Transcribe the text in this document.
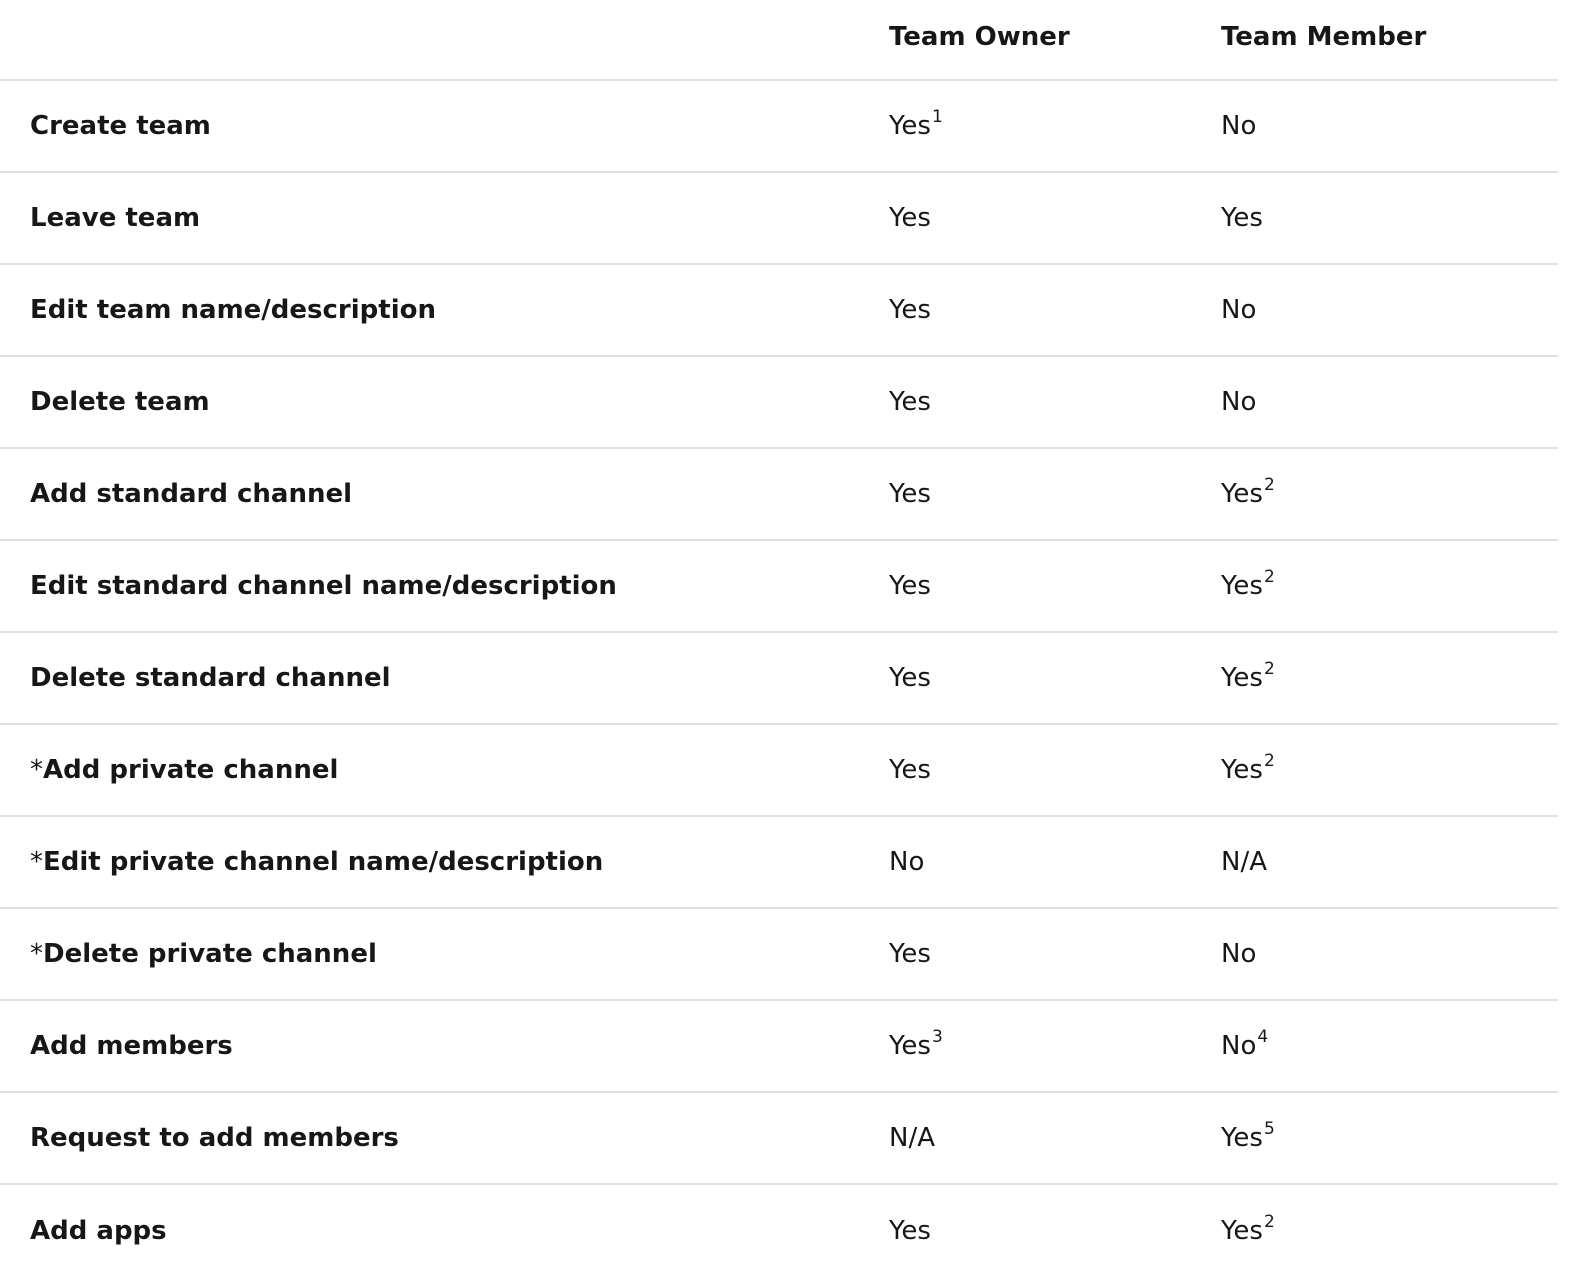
	Team Owner	Team Member
Create team	Yes$^1$	No
Leave team	Yes	Yes
Edit team name/description	Yes	No
Delete team	Yes	No
Add standard channel	Yes	Yes$^2$
Edit standard channel name/description	Yes	Yes$^2$
Delete standard channel	Yes	Yes$^2$
*Add private channel	Yes	Yes$^2$
*Edit private channel name/description	No	N/A
*Delete private channel	Yes	No
Add members	Yes$^3$	No$^4$
Request to add members	N/A	Yes$^5$
Add apps	Yes	Yes$^2$
